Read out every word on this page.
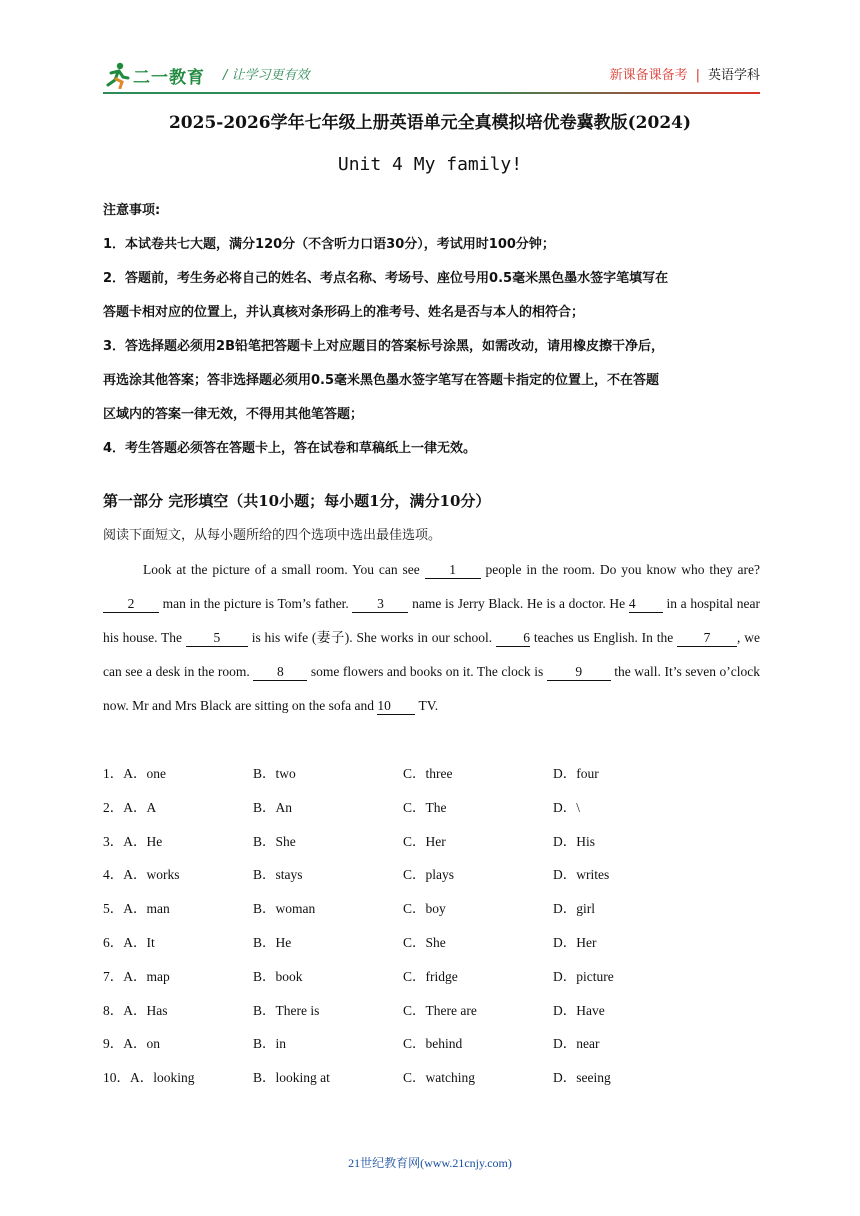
二一教育 / 让学习更有效	新课备课备考 | 英语学科
2025-2026学年七年级上册英语单元全真模拟培优卷冀教版(2024)
Unit 4 My family!

注意事项:

1．本试卷共七大题，满分120分（不含听力口语30分），考试用时100分钟；

2．答题前，考生务必将自己的姓名、考点名称、考场号、座位号用0.5毫米黑色墨水签字笔填写在

答题卡相对应的位置上，并认真核对条形码上的准考号、姓名是否与本人的相符合；

3．答选择题必须用2B铅笔把答题卡上对应题目的答案标号涂黑，如需改动，请用橡皮擦干净后，

再选涂其他答案；答非选择题必须用0.5毫米黑色墨水签字笔写在答题卡指定的位置上，不在答题

区域内的答案一律无效，不得用其他笔答题；

4．考生答题必须答在答题卡上，答在试卷和草稿纸上一律无效。

第一部分 完形填空（共10小题；每小题1分，满分10分）
阅读下面短文，从每小题所给的四个选项中选出最佳选项。
Look at the picture of a small room. You can see 1 people in the room. Do you know who they are? 2 man in the picture is Tom’s father. 3 name is Jerry Black. He is a doctor. He 4 in a hospital near his house. The 5 is his wife (妻子). She works in our school. 6 teaches us English. In the 7 , we can see a desk in the room. 8 some flowers and books on it. The clock is 9 the wall. It’s seven o’clock now. Mr and Mrs Black are sitting on the sofa and 10 TV.
1．A．one	B．two	C．three	D．four
2．A．A	B．An	C．The	D．\
3．A．He	B．She	C．Her	D．His
4．A．works	B．stays	C．plays	D．writes
5．A．man	B．woman	C．boy	D．girl
6．A．It	B．He	C．She	D．Her
7．A．map	B．book	C．fridge	D．picture
8．A．Has	B．There is	C．There are	D．Have
9．A．on	B．in	C．behind	D．near
10．A．looking	B．looking at	C．watching	D．seeing
21世纪教育网(www.21cnjy.com)
